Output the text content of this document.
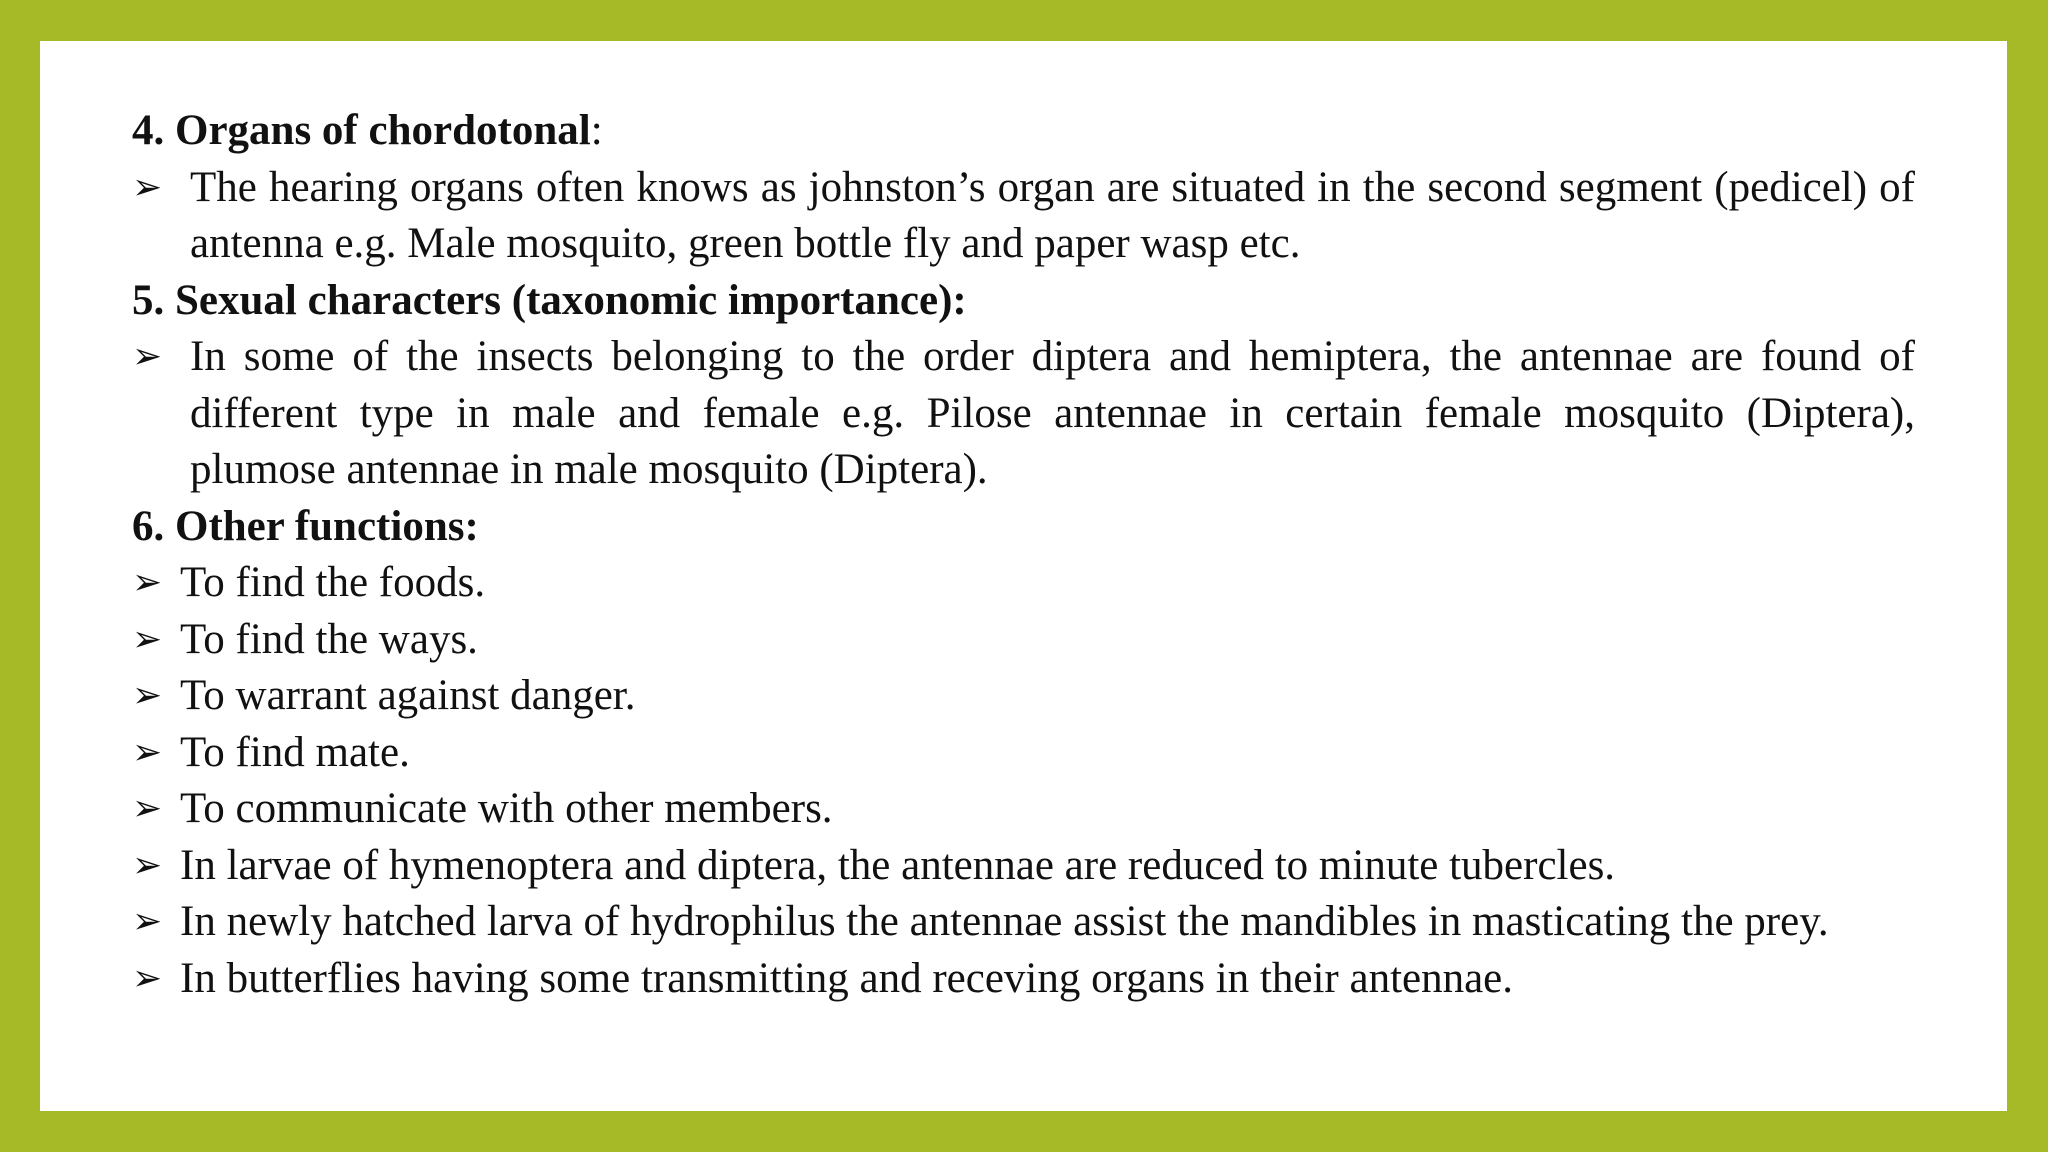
4. Organs of chordotonal:

➢ The hearing organs often knows as johnston’s organ are situated in the second segment (pedicel) of antenna e.g. Male mosquito, green bottle fly and paper wasp etc.

5. Sexual characters (taxonomic importance):

➢ In some of the insects belonging to the order diptera and hemiptera, the antennae are found of different type in male and female e.g. Pilose antennae in certain female mosquito (Diptera), plumose antennae in male mosquito (Diptera).

6. Other functions:

➢ To find the foods.

➢ To find the ways.

➢ To warrant against danger.

➢ To find mate.

➢ To communicate with other members.

➢ In larvae of hymenoptera and diptera, the antennae are reduced to minute tubercles.

➢ In newly hatched larva of hydrophilus the antennae assist the mandibles in masticating the prey.

➢ In butterflies having some transmitting and receving organs in their antennae.
